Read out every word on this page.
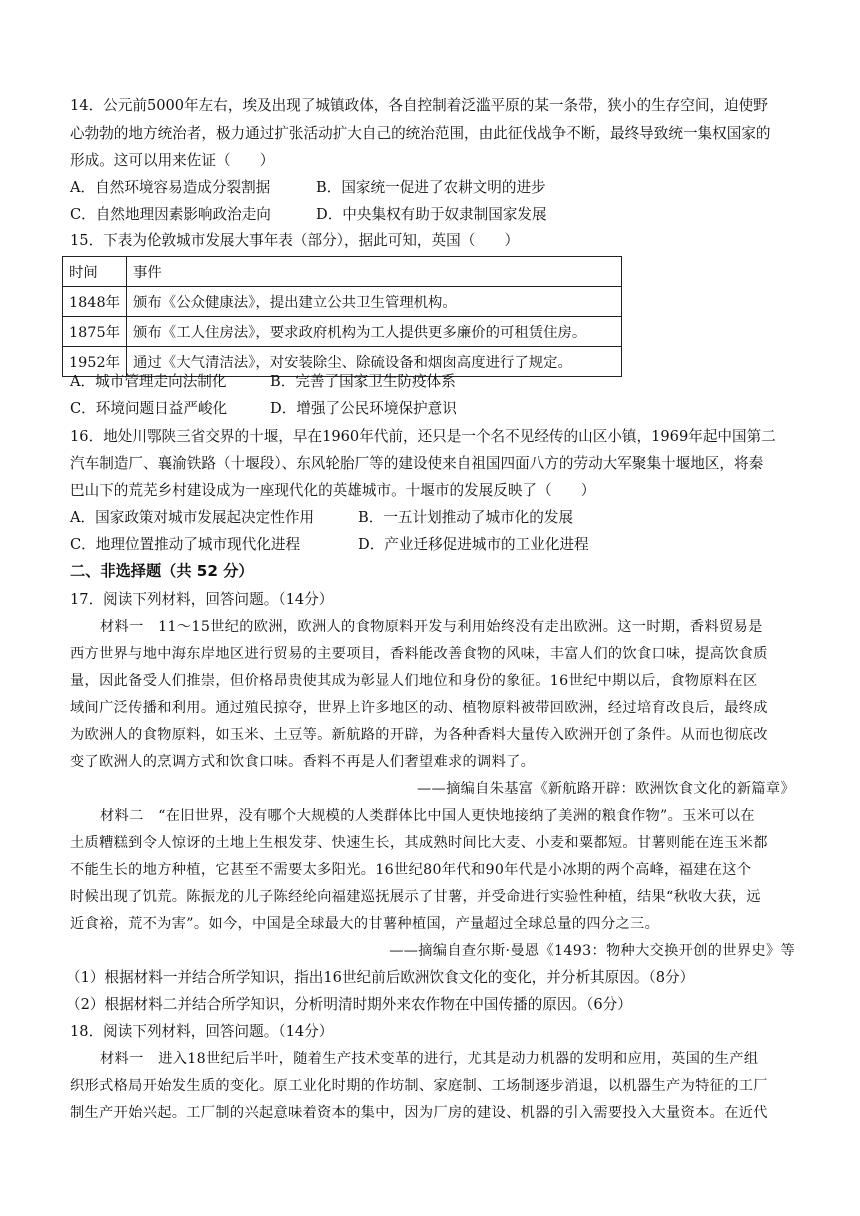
14．公元前5000年左右，埃及出现了城镇政体，各自控制着泛滥平原的某一条带，狭小的生存空间，迫使野
心勃勃的地方统治者，极力通过扩张活动扩大自己的统治范围，由此征伐战争不断，最终导致统一集权国家的
形成。这可以用来佐证（　　）
A．自然环境容易造成分裂割据	B．国家统一促进了农耕文明的进步
C．自然地理因素影响政治走向	D．中央集权有助于奴隶制国家发展
15．下表为伦敦城市发展大事年表（部分），据此可知，英国（　　）
时间	事件
1848年	颁布《公众健康法》，提出建立公共卫生管理机构。
1875年	颁布《工人住房法》，要求政府机构为工人提供更多廉价的可租赁住房。
1952年	通过《大气清洁法》，对安装除尘、除硫设备和烟囱高度进行了规定。
A．城市管理走向法制化	B．完善了国家卫生防疫体系
C．环境问题日益严峻化	D．增强了公民环境保护意识
16．地处川鄂陕三省交界的十堰，早在1960年代前，还只是一个名不见经传的山区小镇，1969年起中国第二
汽车制造厂、襄渝铁路（十堰段）、东风轮胎厂等的建设使来自祖国四面八方的劳动大军聚集十堰地区，将秦
巴山下的荒芜乡村建设成为一座现代化的英雄城市。十堰市的发展反映了（　　）
A．国家政策对城市发展起决定性作用	B．一五计划推动了城市化的发展
C．地理位置推动了城市现代化进程	D．产业迁移促进城市的工业化进程
二、非选择题（共 52 分）
17．阅读下列材料，回答问题。（14分）
材料一　11～15世纪的欧洲，欧洲人的食物原料开发与利用始终没有走出欧洲。这一时期，香料贸易是
西方世界与地中海东岸地区进行贸易的主要项目，香料能改善食物的风味，丰富人们的饮食口味，提高饮食质
量，因此备受人们推崇，但价格昂贵使其成为彰显人们地位和身份的象征。16世纪中期以后，食物原料在区
域间广泛传播和利用。通过殖民掠夺，世界上许多地区的动、植物原料被带回欧洲，经过培育改良后，最终成
为欧洲人的食物原料，如玉米、土豆等。新航路的开辟，为各种香料大量传入欧洲开创了条件。从而也彻底改
变了欧洲人的烹调方式和饮食口味。香料不再是人们奢望难求的调料了。
——摘编自朱基富《新航路开辟：欧洲饮食文化的新篇章》
材料二　“在旧世界，没有哪个大规模的人类群体比中国人更快地接纳了美洲的粮食作物”。玉米可以在
土质糟糕到令人惊讶的土地上生根发芽、快速生长，其成熟时间比大麦、小麦和粟都短。甘薯则能在连玉米都
不能生长的地方种植，它甚至不需要太多阳光。16世纪80年代和90年代是小冰期的两个高峰，福建在这个
时候出现了饥荒。陈振龙的儿子陈经纶向福建巡抚展示了甘薯，并受命进行实验性种植，结果“秋收大获，远
近食裕，荒不为害”。如今，中国是全球最大的甘薯种植国，产量超过全球总量的四分之三。
——摘编自查尔斯·曼恩《1493：物种大交换开创的世界史》等
（1）根据材料一并结合所学知识，指出16世纪前后欧洲饮食文化的变化，并分析其原因。（8分）
（2）根据材料二并结合所学知识，分析明清时期外来农作物在中国传播的原因。（6分）
18．阅读下列材料，回答问题。（14分）
材料一　进入18世纪后半叶，随着生产技术变革的进行，尤其是动力机器的发明和应用，英国的生产组
织形式格局开始发生质的变化。原工业化时期的作坊制、家庭制、工场制逐步消退，以机器生产为特征的工厂
制生产开始兴起。工厂制的兴起意味着资本的集中，因为厂房的建设、机器的引入需要投入大量资本。在近代
